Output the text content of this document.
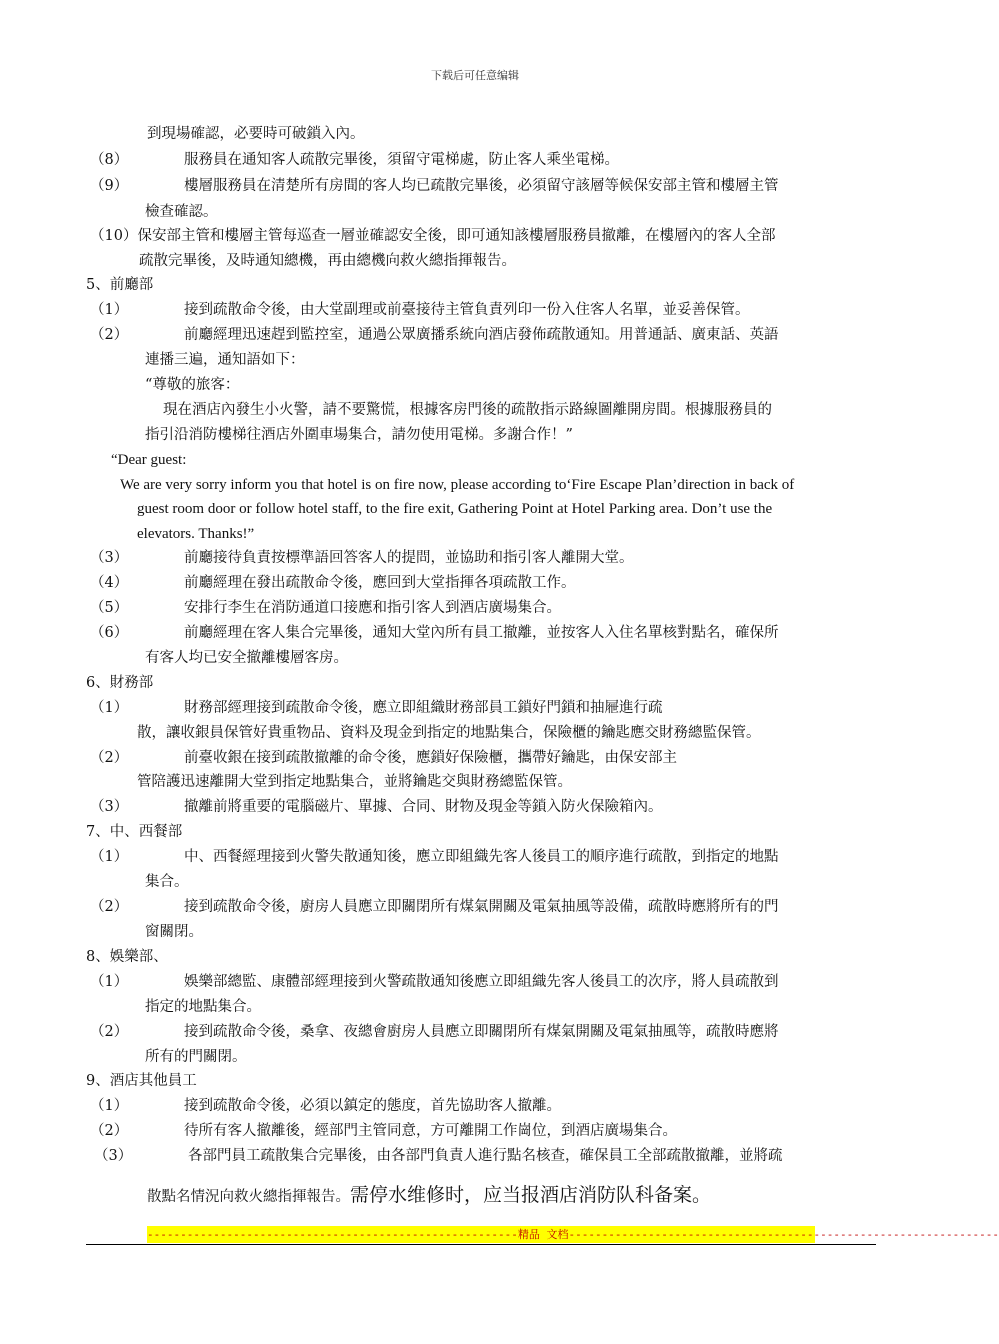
下载后可任意编辑
到現場確認，必要時可破鎖入內。
（8）	服務員在通知客人疏散完畢後，須留守電梯處，防止客人乘坐電梯。
（9）	樓層服務員在清楚所有房間的客人均已疏散完畢後，必須留守該層等候保安部主管和樓層主管
檢查確認。
（10）保安部主管和樓層主管每巡查一層並確認安全後，即可通知該樓層服務員撤離，在樓層內的客人全部
疏散完畢後，及時通知總機，再由總機向救火總指揮報告。
5、前廳部
（1）	接到疏散命令後，由大堂副理或前臺接待主管負責列印一份入住客人名單，並妥善保管。
（2）	前廳經理迅速趕到監控室，通過公眾廣播系統向酒店發佈疏散通知。用普通話、廣東話、英語
連播三遍，通知語如下：
“尊敬的旅客：
現在酒店內發生小火警，請不要驚慌，根據客房門後的疏散指示路線圖離開房間。根據服務員的
指引沿消防樓梯往酒店外圍車場集合，請勿使用電梯。多謝合作！”
“Dear guest:
We are very sorry inform you that hotel is on fire now, please according to‘Fire Escape Plan’direction in back of
guest room door or follow hotel staff, to the fire exit, Gathering Point at Hotel Parking area. Don’t use the
elevators. Thanks!”
（3）	前廳接待負責按標準語回答客人的提問，並協助和指引客人離開大堂。
（4）	前廳經理在發出疏散命令後，應回到大堂指揮各項疏散工作。
（5）	安排行李生在消防通道口接應和指引客人到酒店廣場集合。
（6）	前廳經理在客人集合完畢後，通知大堂內所有員工撤離，並按客人入住名單核對點名，確保所
有客人均已安全撤離樓層客房。
6、財務部
（1）	財務部經理接到疏散命令後，應立即組織財務部員工鎖好門鎖和抽屜進行疏
散，讓收銀員保管好貴重物品、資料及現金到指定的地點集合，保險櫃的鑰匙應交財務總監保管。
（2）	前臺收銀在接到疏散撤離的命令後，應鎖好保險櫃，攜帶好鑰匙，由保安部主
管陪護迅速離開大堂到指定地點集合，並將鑰匙交與財務總監保管。
（3）	撤離前將重要的電腦磁片、單據、合同、財物及現金等鎖入防火保險箱內。
7、中、西餐部
（1）	中、西餐經理接到火警失散通知後，應立即組織先客人後員工的順序進行疏散，到指定的地點
集合。
（2）	接到疏散命令後，廚房人員應立即關閉所有煤氣開關及電氣抽風等設備，疏散時應將所有的門
窗關閉。
8、娛樂部、
（1）	娛樂部總監、康體部經理接到火警疏散通知後應立即組織先客人後員工的次序，將人員疏散到
指定的地點集合。
（2）	接到疏散命令後，桑拿、夜總會廚房人員應立即關閉所有煤氣開關及電氣抽風等，疏散時應將
所有的門關閉。
9、酒店其他員工
（1）	接到疏散命令後，必須以鎮定的態度，首先協助客人撤離。
（2）	待所有客人撤離後，經部門主管同意，方可離開工作崗位，到酒店廣場集合。
（3）	各部門員工疏散集合完畢後，由各部門負責人進行點名核查，確保員工全部疏散撤離，並將疏
散點名情況向救火總指揮報告。需停水维修时，应当报酒店消防队科备案。
--------------------------------------------------------精品 文档-----------------------------------------------------------------
